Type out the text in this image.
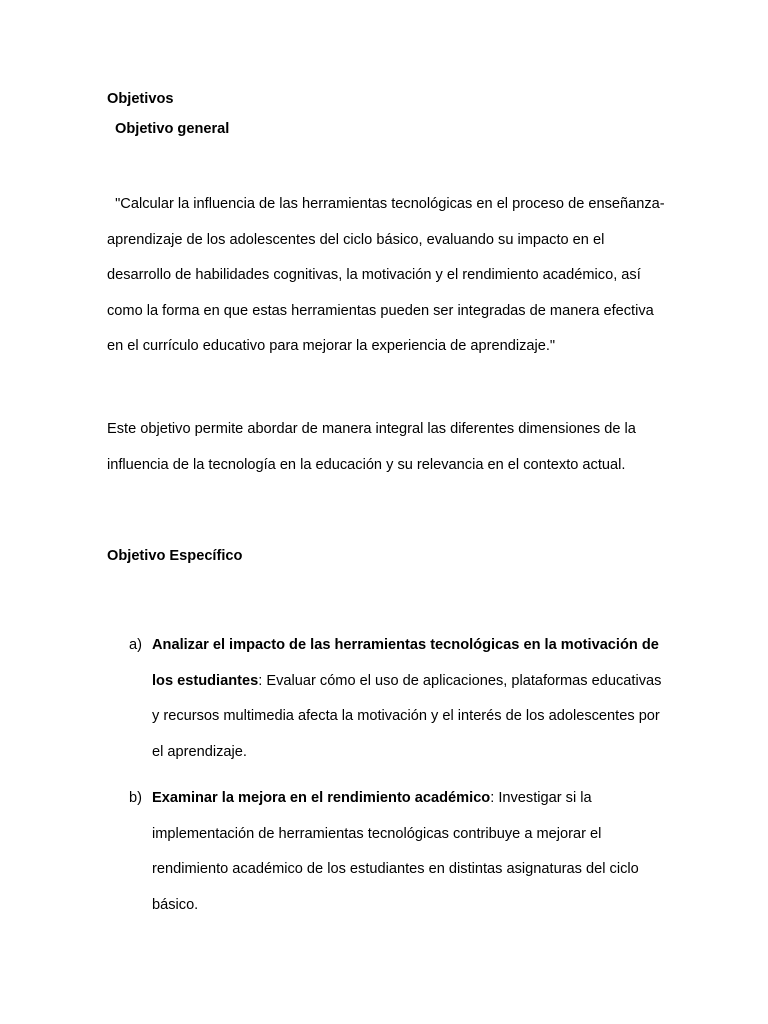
Objetivos
Objetivo general

"Calcular la influencia de las herramientas tecnológicas en el proceso de enseñanza-aprendizaje de los adolescentes del ciclo básico, evaluando su impacto en el desarrollo de habilidades cognitivas, la motivación y el rendimiento académico, así como la forma en que estas herramientas pueden ser integradas de manera efectiva en el currículo educativo para mejorar la experiencia de aprendizaje."

Este objetivo permite abordar de manera integral las diferentes dimensiones de la influencia de la tecnología en la educación y su relevancia en el contexto actual.

Objetivo Específico
a) Analizar el impacto de las herramientas tecnológicas en la motivación de los estudiantes: Evaluar cómo el uso de aplicaciones, plataformas educativas y recursos multimedia afecta la motivación y el interés de los adolescentes por el aprendizaje.
b) Examinar la mejora en el rendimiento académico: Investigar si la implementación de herramientas tecnológicas contribuye a mejorar el rendimiento académico de los estudiantes en distintas asignaturas del ciclo básico.
